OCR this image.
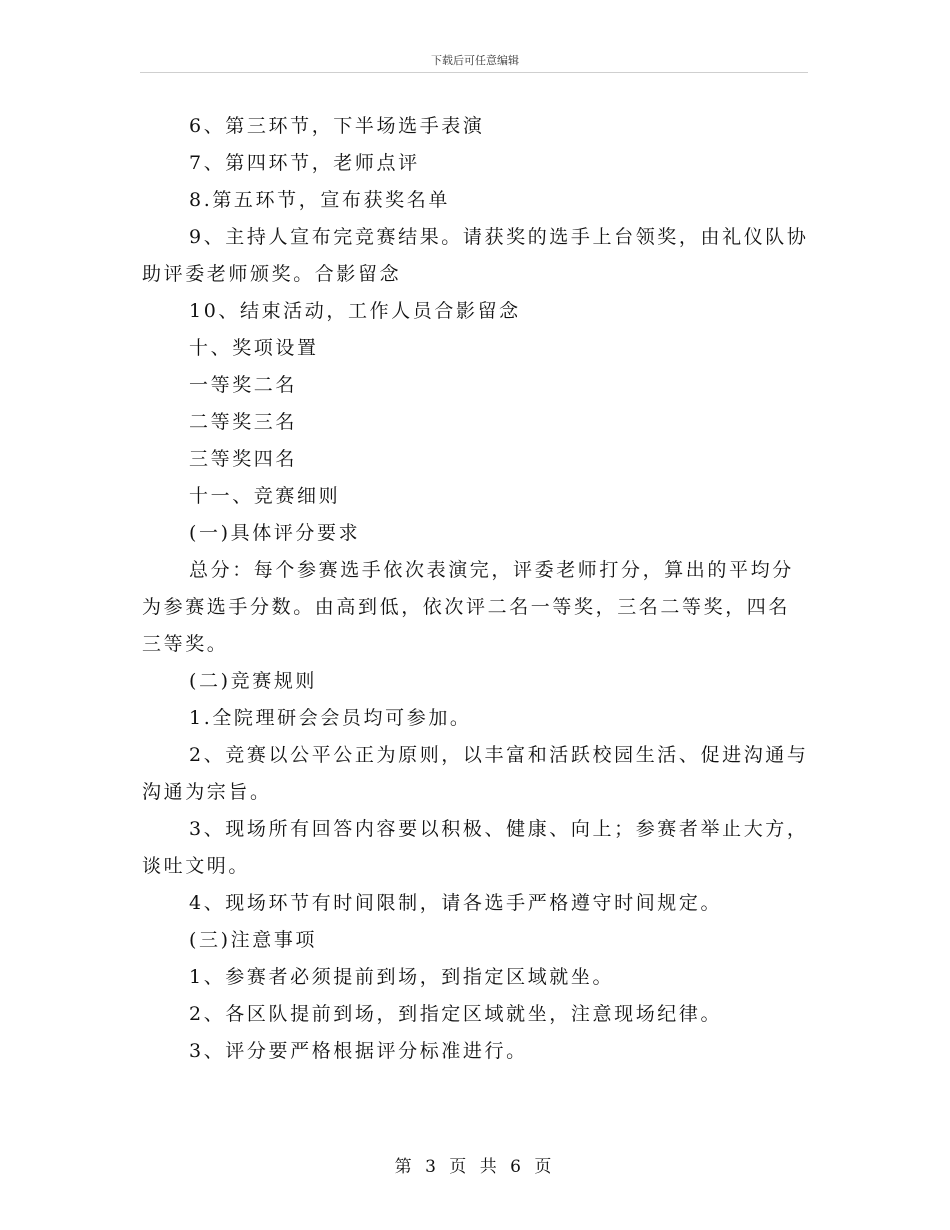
下载后可任意编辑

6、第三环节，下半场选手表演

7、第四环节，老师点评

8.第五环节，宣布获奖名单

9、主持人宣布完竞赛结果。请获奖的选手上台领奖，由礼仪队协助评委老师颁奖。合影留念

10、结束活动，工作人员合影留念

十、奖项设置

一等奖二名

二等奖三名

三等奖四名

十一、竞赛细则

(一)具体评分要求

总分：每个参赛选手依次表演完，评委老师打分，算出的平均分为参赛选手分数。由高到低，依次评二名一等奖，三名二等奖，四名三等奖。

(二)竞赛规则

1.全院理研会会员均可参加。

2、竞赛以公平公正为原则，以丰富和活跃校园生活、促进沟通与沟通为宗旨。

3、现场所有回答内容要以积极、健康、向上；参赛者举止大方，谈吐文明。

4、现场环节有时间限制，请各选手严格遵守时间规定。

(三)注意事项

1、参赛者必须提前到场，到指定区域就坐。

2、各区队提前到场，到指定区域就坐，注意现场纪律。

3、评分要严格根据评分标准进行。

第 3 页 共 6 页
